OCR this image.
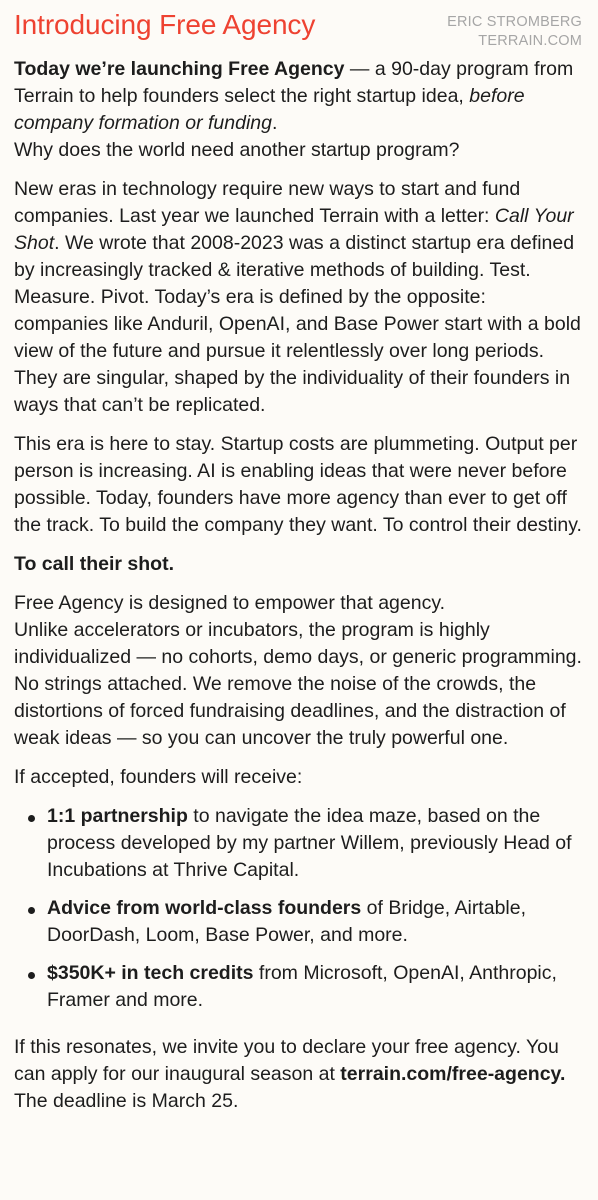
Introducing Free Agency	ERIC STROMBERG
TERRAIN.COM

Today we’re launching Free Agency — a 90-day program from Terrain to help founders select the right startup idea, before company formation or funding.
Why does the world need another startup program?

New eras in technology require new ways to start and fund companies. Last year we launched Terrain with a letter: Call Your Shot. We wrote that 2008-2023 was a distinct startup era defined by increasingly tracked & iterative methods of building. Test. Measure. Pivot. Today’s era is defined by the opposite: companies like Anduril, OpenAI, and Base Power start with a bold view of the future and pursue it relentlessly over long periods. They are singular, shaped by the individuality of their founders in ways that can’t be replicated.

This era is here to stay. Startup costs are plummeting. Output per person is increasing. AI is enabling ideas that were never before possible. Today, founders have more agency than ever to get off the track. To build the company they want. To control their destiny.

To call their shot.

Free Agency is designed to empower that agency.
Unlike accelerators or incubators, the program is highly individualized — no cohorts, demo days, or generic programming. No strings attached. We remove the noise of the crowds, the distortions of forced fundraising deadlines, and the distraction of weak ideas — so you can uncover the truly powerful one.

If accepted, founders will receive:

1:1 partnership to navigate the idea maze, based on the process developed by my partner Willem, previously Head of Incubations at Thrive Capital.
Advice from world-class founders of Bridge, Airtable, DoorDash, Loom, Base Power, and more.
$350K+ in tech credits from Microsoft, OpenAI, Anthropic, Framer and more.

If this resonates, we invite you to declare your free agency. You can apply for our inaugural season at terrain.com/free-agency. The deadline is March 25.
